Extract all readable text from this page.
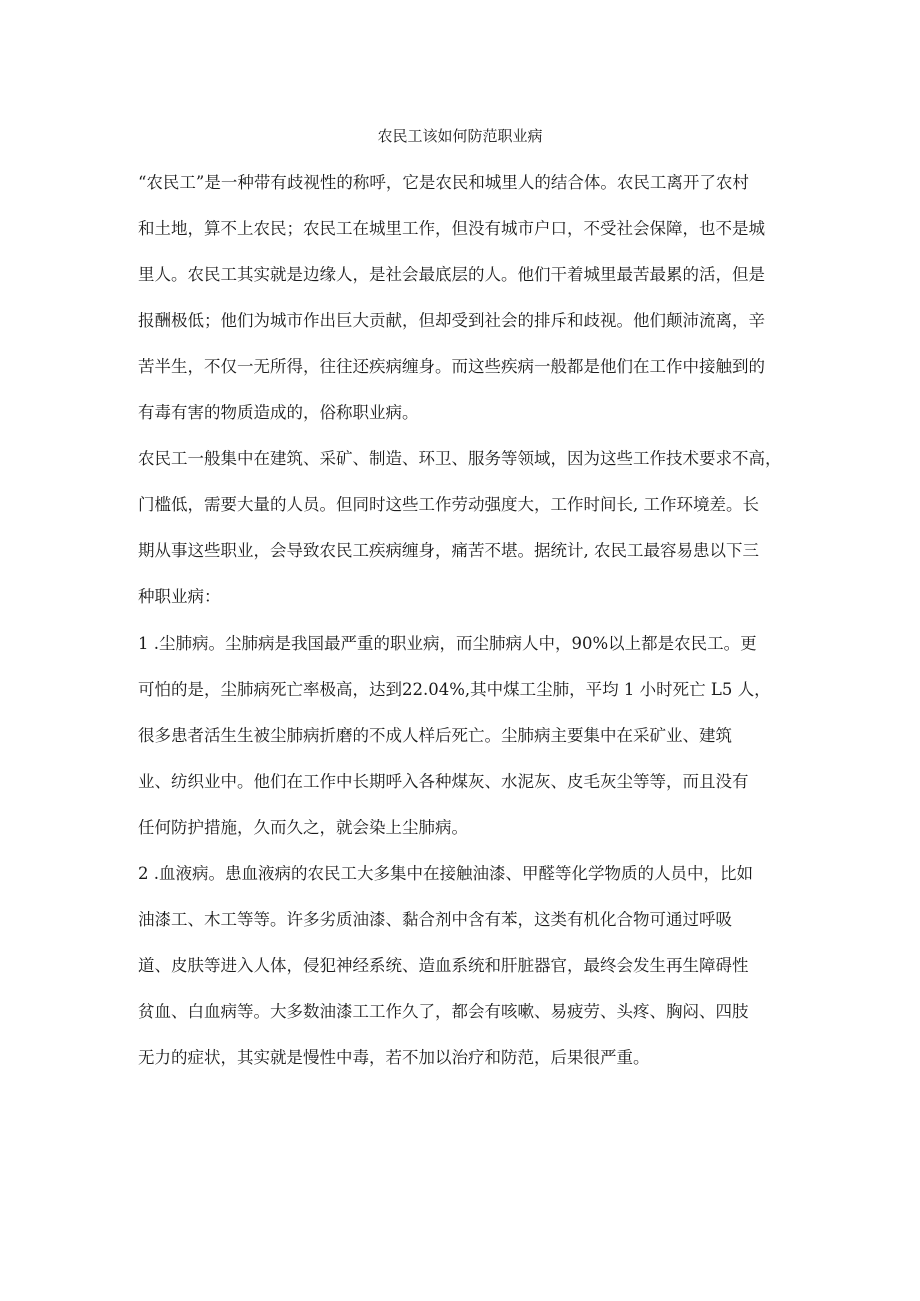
农民工该如何防范职业病

“农民工”是一种带有歧视性的称呼，它是农民和城里人的结合体。农民工离开了农村

和土地，算不上农民；农民工在城里工作，但没有城市户口，不受社会保障，也不是城

里人。农民工其实就是边缘人，是社会最底层的人。他们干着城里最苦最累的活，但是

报酬极低；他们为城市作出巨大贡献，但却受到社会的排斥和歧视。他们颠沛流离，辛

苦半生，不仅一无所得，往往还疾病缠身。而这些疾病一般都是他们在工作中接触到的

有毒有害的物质造成的，俗称职业病。

农民工一般集中在建筑、采矿、制造、环卫、服务等领域，因为这些工作技术要求不高，

门槛低，需要大量的人员。但同时这些工作劳动强度大，工作时间长, 工作环境差。长

期从事这些职业，会导致农民工疾病缠身，痛苦不堪。据统计, 农民工最容易患以下三

种职业病：

1 .尘肺病。尘肺病是我国最严重的职业病，而尘肺病人中，90%以上都是农民工。更

可怕的是，尘肺病死亡率极高，达到22.04%,其中煤工尘肺，平均 1 小时死亡 L5 人，

很多患者活生生被尘肺病折磨的不成人样后死亡。尘肺病主要集中在采矿业、建筑

业、纺织业中。他们在工作中长期呼入各种煤灰、水泥灰、皮毛灰尘等等，而且没有

任何防护措施，久而久之，就会染上尘肺病。

2 .血液病。患血液病的农民工大多集中在接触油漆、甲醛等化学物质的人员中，比如

油漆工、木工等等。许多劣质油漆、黏合剂中含有苯，这类有机化合物可通过呼吸

道、皮肤等进入人体，侵犯神经系统、造血系统和肝脏器官，最终会发生再生障碍性

贫血、白血病等。大多数油漆工工作久了，都会有咳嗽、易疲劳、头疼、胸闷、四肢

无力的症状，其实就是慢性中毒，若不加以治疗和防范，后果很严重。
